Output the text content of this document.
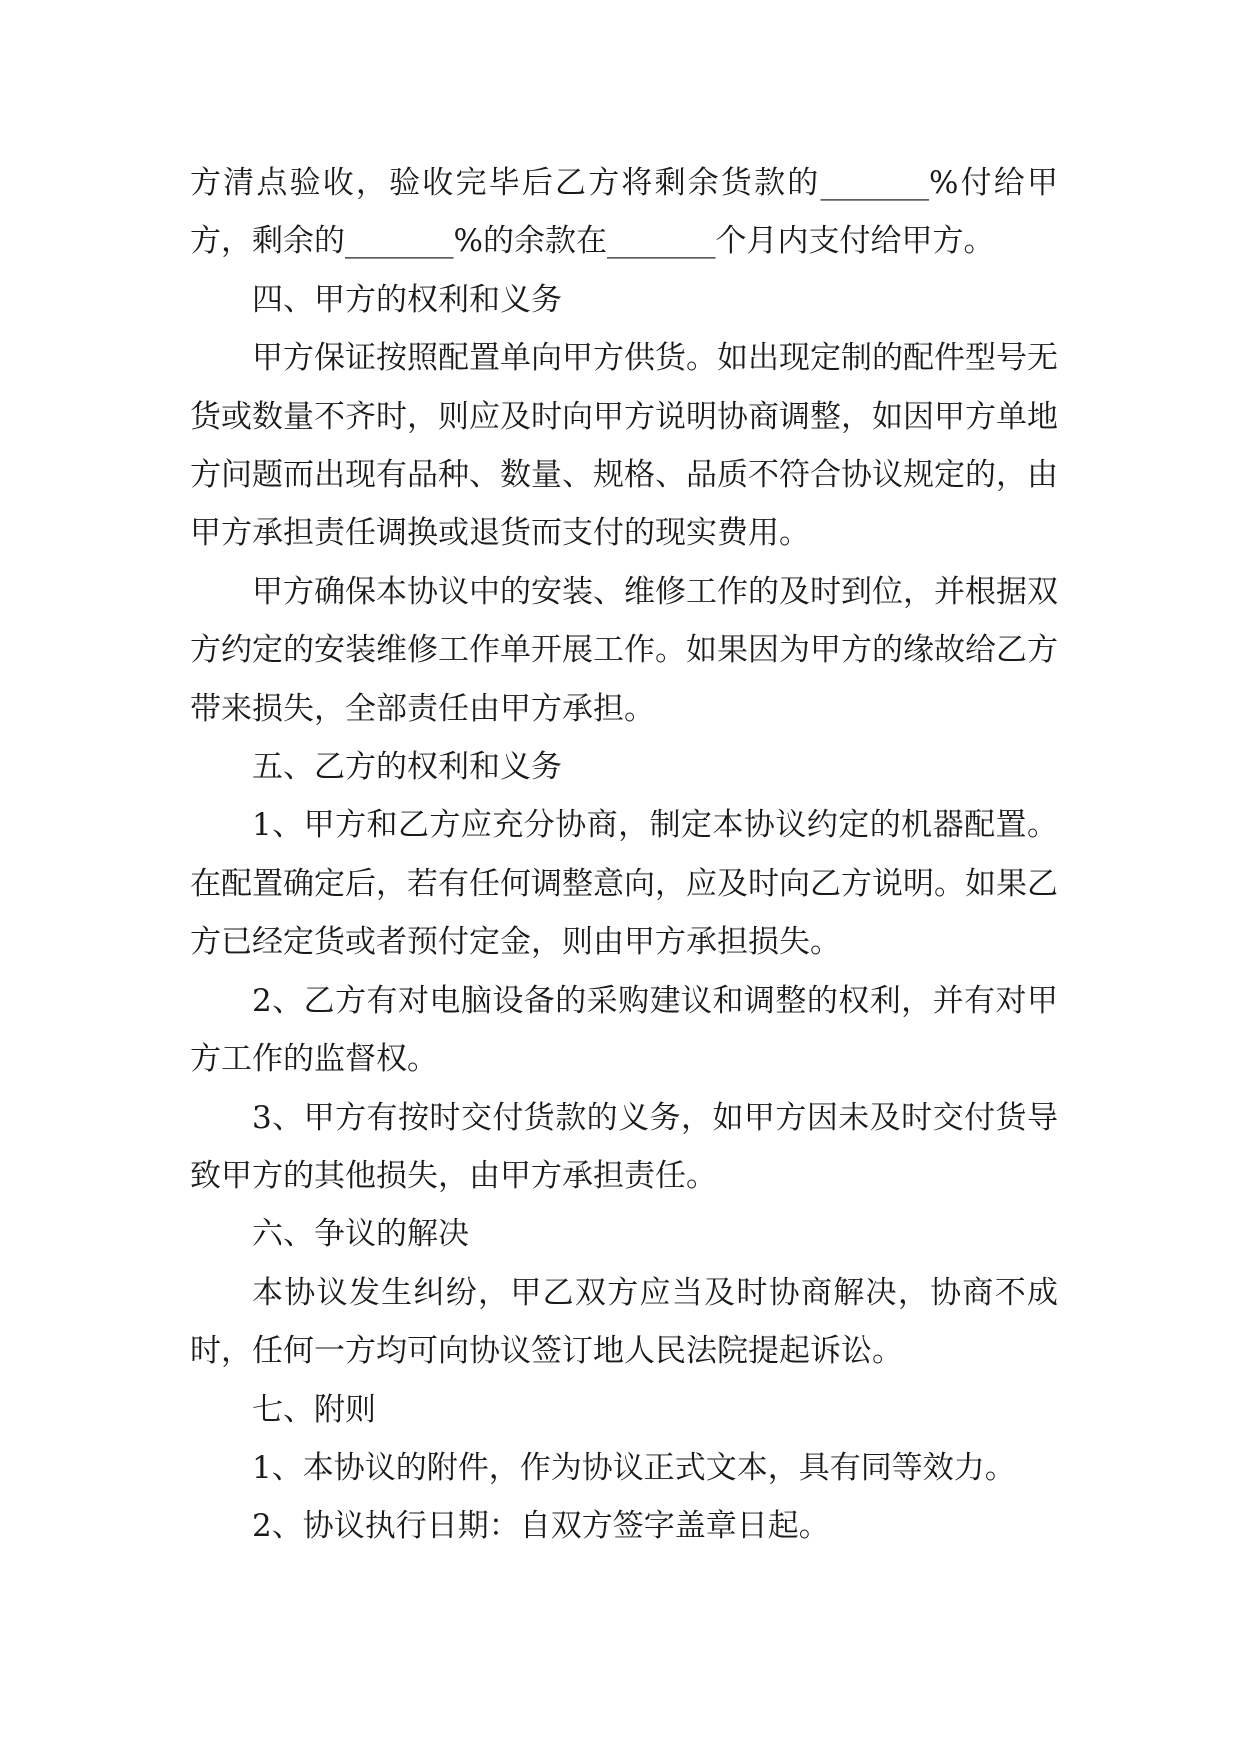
方清点验收，验收完毕后乙方将剩余货款的_______%付给甲方，剩余的_______%的余款在_______个月内支付给甲方。

四、甲方的权利和义务

甲方保证按照配置单向甲方供货。如出现定制的配件型号无货或数量不齐时，则应及时向甲方说明协商调整，如因甲方单地方问题而出现有品种、数量、规格、品质不符合协议规定的，由甲方承担责任调换或退货而支付的现实费用。

甲方确保本协议中的安装、维修工作的及时到位，并根据双方约定的安装维修工作单开展工作。如果因为甲方的缘故给乙方带来损失，全部责任由甲方承担。

五、乙方的权利和义务

1、甲方和乙方应充分协商，制定本协议约定的机器配置。在配置确定后，若有任何调整意向，应及时向乙方说明。如果乙方已经定货或者预付定金，则由甲方承担损失。

2、乙方有对电脑设备的采购建议和调整的权利，并有对甲方工作的监督权。

3、甲方有按时交付货款的义务，如甲方因未及时交付货导致甲方的其他损失，由甲方承担责任。

六、争议的解决

本协议发生纠纷，甲乙双方应当及时协商解决，协商不成时，任何一方均可向协议签订地人民法院提起诉讼。

七、附则

1、本协议的附件，作为协议正式文本，具有同等效力。

2、协议执行日期：自双方签字盖章日起。
